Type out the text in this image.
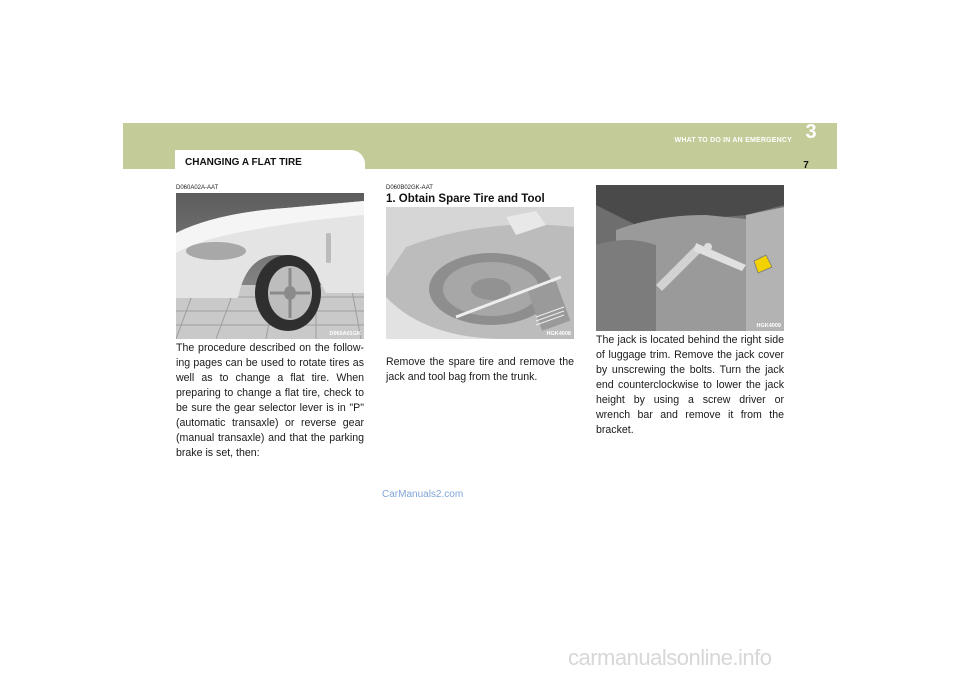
CHANGING A FLAT TIRE
WHAT TO DO IN AN EMERGENCY 3
7
D060A02A-AAT
D060A01GK
The procedure described on the follow-ing pages can be used to rotate tires as well as to change a flat tire. When preparing to change a flat tire, check to be sure the gear selector lever is in "P" (automatic transaxle) or reverse gear (manual transaxle) and that the parking brake is set, then:
D060B02GK-AAT
1. Obtain Spare Tire and Tool
HGK4008
Remove the spare tire and remove the jack and tool bag from the trunk.
HGK4009
The jack is located behind the right side of luggage trim. Remove the jack cover by unscrewing the bolts. Turn the jack end counterclockwise to lower the jack height by using a screw driver or wrench bar and remove it from the bracket.
CarManuals2.com
carmanualsonline.info
